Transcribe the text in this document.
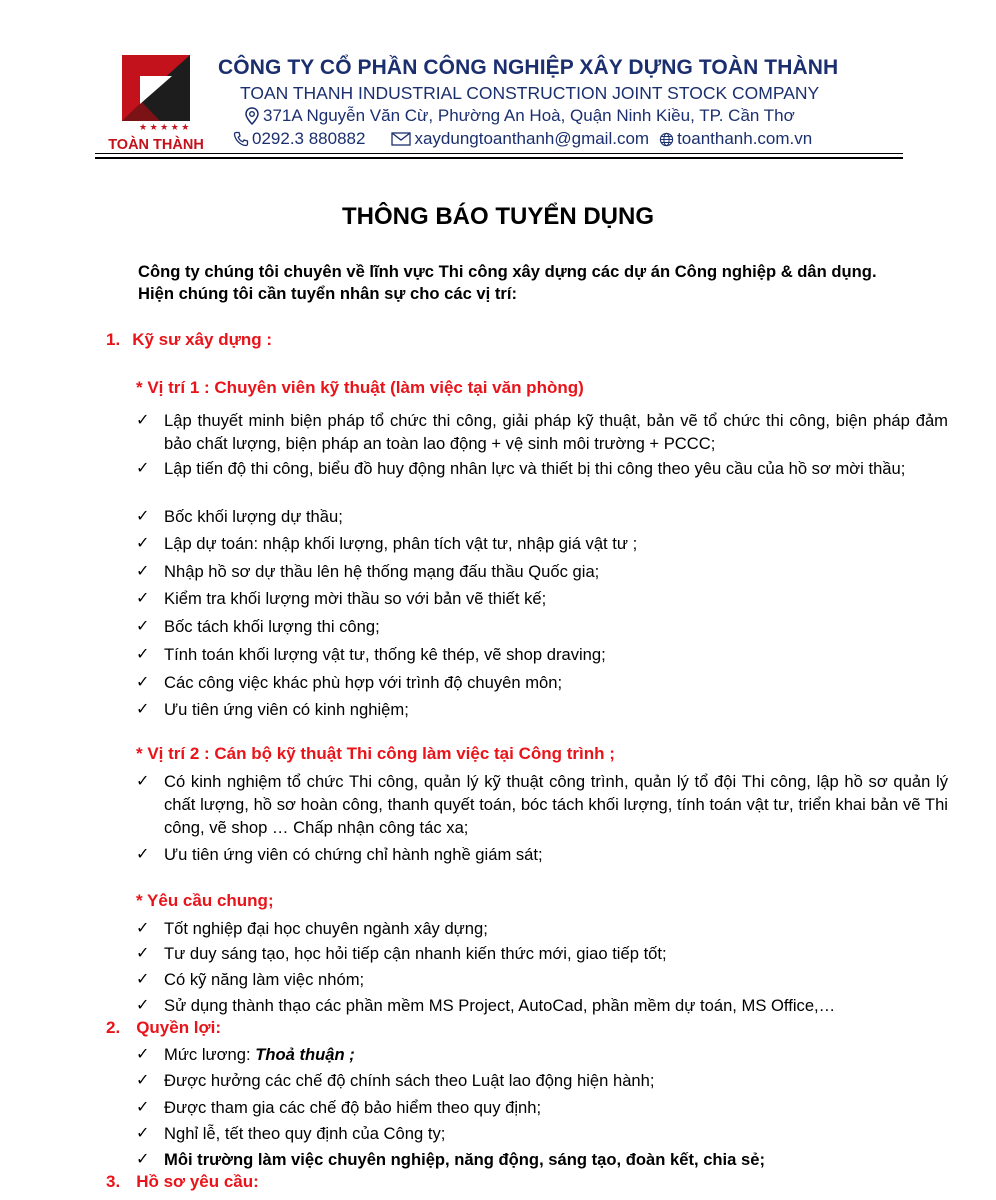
★ ★ ★ ★ ★
TOÀN THÀNH
CÔNG TY CỔ PHẦN CÔNG NGHIỆP XÂY DỰNG TOÀN THÀNH
TOAN THANH INDUSTRIAL CONSTRUCTION JOINT STOCK COMPANY
371A Nguyễn Văn Cừ, Phường An Hoà, Quận Ninh Kiều, TP. Cần Thơ
0292.3 880882	xaydungtoanthanh@gmail.com toanthanh.com.vn
THÔNG BÁO TUYỂN DỤNG
Công ty chúng tôi chuyên về lĩnh vực Thi công xây dựng các dự án Công nghiệp & dân dụng.
Hiện chúng tôi cần tuyển nhân sự cho các vị trí:
1. Kỹ sư xây dựng :
* Vị trí 1 : Chuyên viên kỹ thuật (làm việc tại văn phòng)
✓ Lập thuyết minh biện pháp tổ chức thi công, giải pháp kỹ thuật, bản vẽ tổ chức thi công, biện pháp đảm bảo chất lượng, biện pháp an toàn lao động + vệ sinh môi trường + PCCC;
✓ Lập tiến độ thi công, biểu đồ huy động nhân lực và thiết bị thi công theo yêu cầu của hồ sơ mời thầu;
✓ Bốc khối lượng dự thầu;
✓ Lập dự toán: nhập khối lượng, phân tích vật tư, nhập giá vật tư ;
✓ Nhập hồ sơ dự thầu lên hệ thống mạng đấu thầu Quốc gia;
✓ Kiểm tra khối lượng mời thầu so với bản vẽ thiết kế;
✓ Bốc tách khối lượng thi công;
✓ Tính toán khối lượng vật tư, thống kê thép, vẽ shop draving;
✓ Các công việc khác phù hợp với trình độ chuyên môn;
✓ Ưu tiên ứng viên có kinh nghiệm;
* Vị trí 2 : Cán bộ kỹ thuật Thi công làm việc tại Công trình ;
✓ Có kinh nghiệm tổ chức Thi công, quản lý kỹ thuật công trình, quản lý tổ đội Thi công, lập hồ sơ quản lý chất lượng, hồ sơ hoàn công, thanh quyết toán, bóc tách khối lượng, tính toán vật tư, triển khai bản vẽ Thi công, vẽ shop … Chấp nhận công tác xa;
✓ Ưu tiên ứng viên có chứng chỉ hành nghề giám sát;
* Yêu cầu chung;
✓ Tốt nghiệp đại học chuyên ngành xây dựng;
✓ Tư duy sáng tạo, học hỏi tiếp cận nhanh kiến thức mới, giao tiếp tốt;
✓ Có kỹ năng làm việc nhóm;
✓ Sử dụng thành thạo các phần mềm MS Project, AutoCad, phần mềm dự toán, MS Office,…
2. Quyền lợi:
✓ Mức lương: Thoả thuận ;
✓ Được hưởng các chế độ chính sách theo Luật lao động hiện hành;
✓ Được tham gia các chế độ bảo hiểm theo quy định;
✓ Nghỉ lễ, tết theo quy định của Công ty;
✓ Môi trường làm việc chuyên nghiệp, năng động, sáng tạo, đoàn kết, chia sẻ;
3. Hồ sơ yêu cầu:
